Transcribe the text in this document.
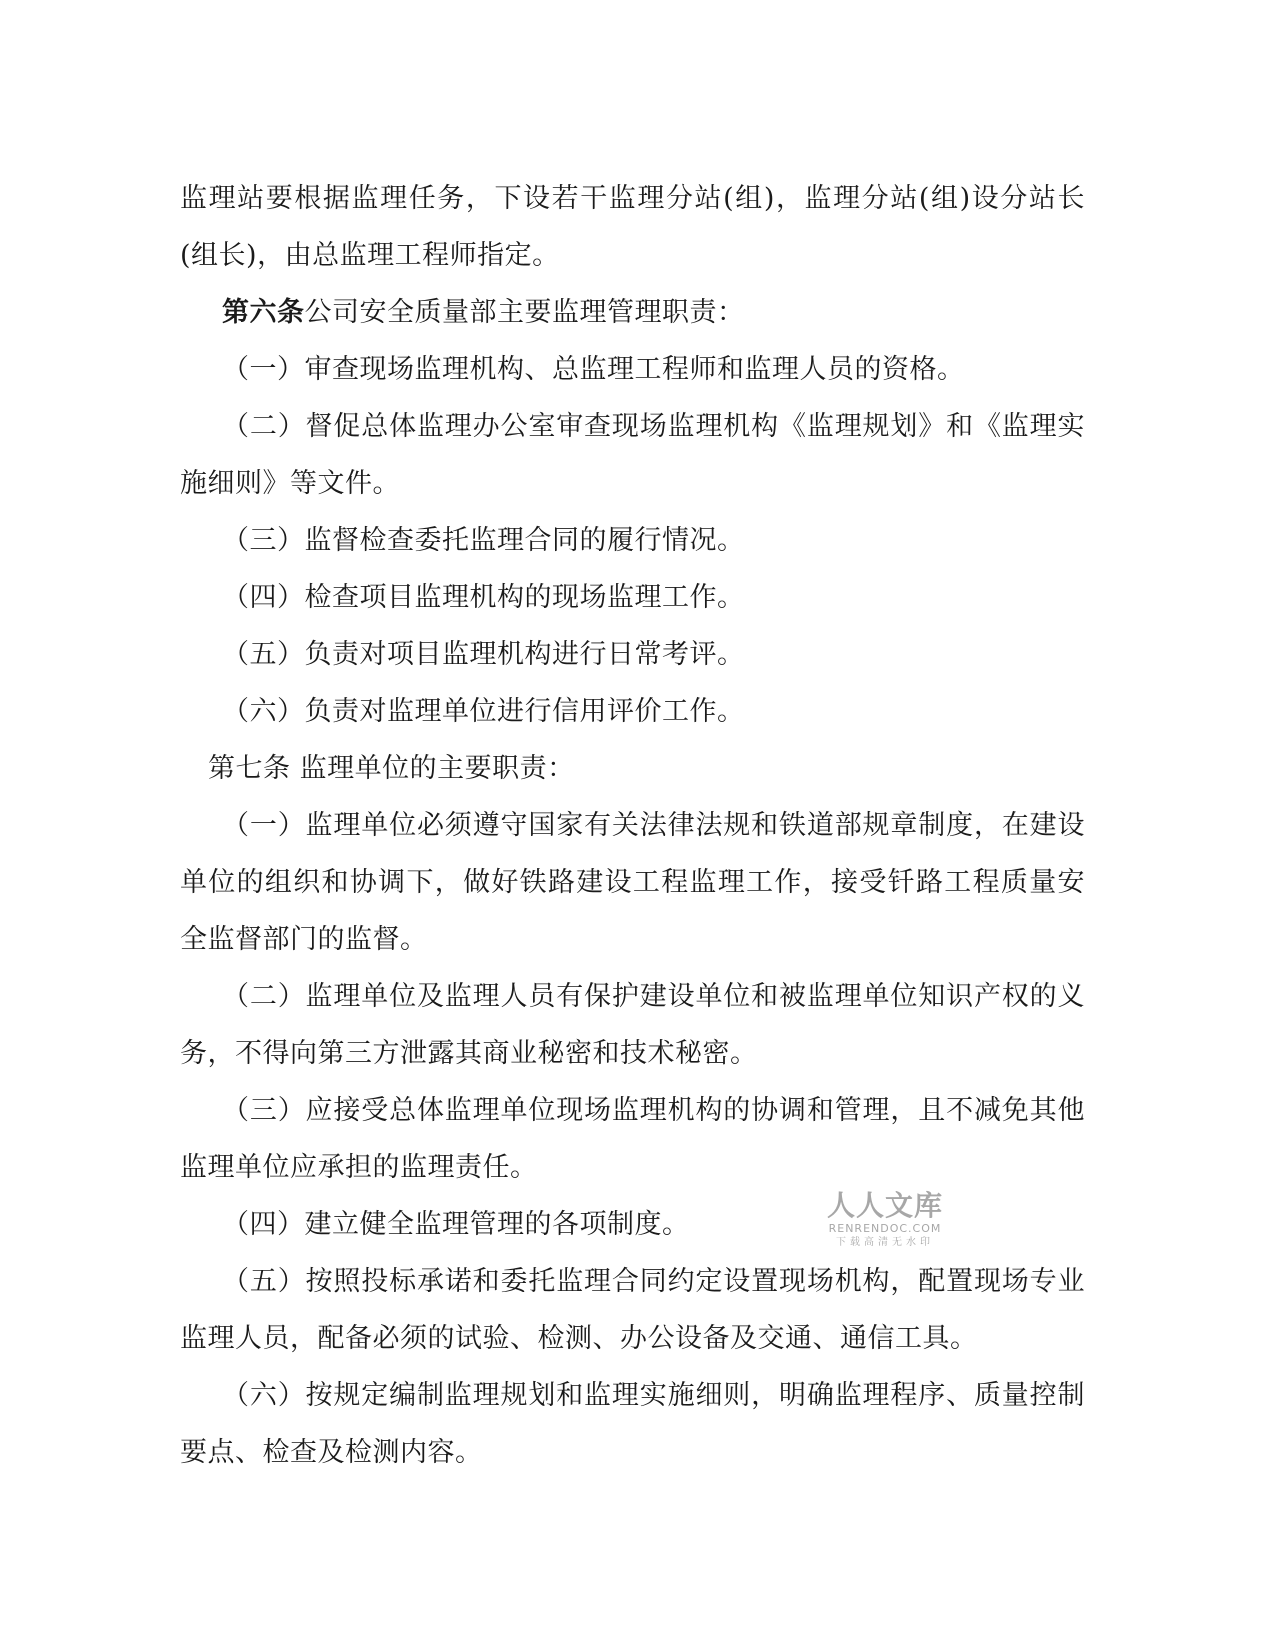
监理站要根据监理任务，下设若干监理分站(组)，监理分站(组)设分站长(组长)，由总监理工程师指定。

第六条公司安全质量部主要监理管理职责：

（一）审查现场监理机构、总监理工程师和监理人员的资格。

（二）督促总体监理办公室审查现场监理机构《监理规划》和《监理实施细则》等文件。

（三）监督检查委托监理合同的履行情况。

（四）检查项目监理机构的现场监理工作。

（五）负责对项目监理机构进行日常考评。

（六）负责对监理单位进行信用评价工作。

第七条 监理单位的主要职责：

（一）监理单位必须遵守国家有关法律法规和铁道部规章制度，在建设单位的组织和协调下，做好铁路建设工程监理工作，接受钎路工程质量安全监督部门的监督。

（二）监理单位及监理人员有保护建设单位和被监理单位知识产权的义务，不得向第三方泄露其商业秘密和技术秘密。

（三）应接受总体监理单位现场监理机构的协调和管理，且不减免其他监理单位应承担的监理责任。

（四）建立健全监理管理的各项制度。

（五）按照投标承诺和委托监理合同约定设置现场机构，配置现场专业监理人员，配备必须的试验、检测、办公设备及交通、通信工具。

（六）按规定编制监理规划和监理实施细则，明确监理程序、质量控制要点、检查及检测内容。

人人文库
RENRENDOC.COM
下载高清无水印
